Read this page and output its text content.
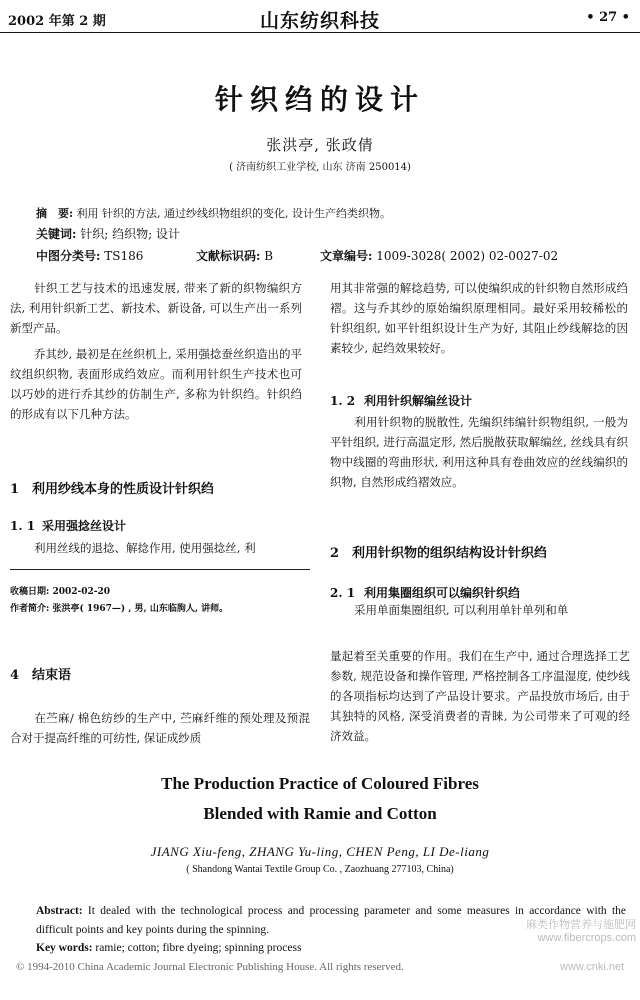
2002 年第 2 期	山东纺织科技	• 27 •
针织绉的设计
张洪亭, 张政倩
( 济南纺织工业学校, 山东 济南 250014)
摘　要: 利用 针织的方法, 通过纱线织物组织的变化, 设计生产绉类织物。
关键词: 针织; 绉织物; 设计
中图分类号: TS186	文献标识码: B	文章编号: 1009-3028( 2002) 02-0027-02
针织工艺与技术的迅速发展, 带来了新的织物编织方法, 利用针织新工艺、新技术、新设备, 可以生产出一系列新型产品。
乔其纱, 最初是在丝织机上, 采用强捻蚕丝织造出的平纹组织织物, 表面形成绉效应。而利用针织生产技术也可以巧妙的进行乔其纱的仿制生产, 多称为针织绉。针织绉的形成有以下几种方法。
1 利用纱线本身的性质设计针织绉
1. 1 采用强捻丝设计
利用丝线的退捻、解捻作用, 使用强捻丝, 利
收稿日期: 2002-02-20
作者简介: 张洪亭( 1967—) , 男, 山东临朐人, 讲师。
用其非常强的解捻趋势, 可以使编织成的针织物自然形成绉褶。这与乔其纱的原始编织原理相同。最好采用较稀松的针织组织, 如平针组织设计生产为好, 其阻止纱线解捻的因素较少, 起绉效果较好。
1. 2 利用针织解编丝设计
利用针织物的脱散性, 先编织纬编针织物组织, 一般为平针组织, 进行高温定形, 然后脱散获取解编丝, 丝线具有织物中线圈的弯曲形状, 利用这种具有卷曲效应的丝线编织的织物, 自然形成绉褶效应。
2 利用针织物的组织结构设计针织绉
2. 1 利用集圈组织可以编织针织绉
采用单面集圈组织, 可以利用单针单列和单
4 结束语
在苎麻/ 棉色纺纱的生产中, 苎麻纤维的预处理及预混合对于提高纤维的可纺性, 保证成纱质
量起着至关重要的作用。我们在生产中, 通过合理选择工艺参数, 规范设备和操作管理, 严格控制各工序温湿度, 使纱线的各项指标均达到了产品设计要求。产品投放市场后, 由于其独特的风格, 深受消费者的青睐, 为公司带来了可观的经济效益。
The Production Practice of Coloured Fibres
Blended with Ramie and Cotton
JIANG Xiu-feng, ZHANG Yu-ling, CHEN Peng, LI De-liang
( Shandong Wantai Textile Group Co. , Zaozhuang 277103, China)
Abstract: It dealed with the technological process and processing parameter and some measures in accordance with the difficult points and key points during the spinning.
Key words: ramie; cotton; fibre dyeing; spinning process
© 1994-2010 China Academic Journal Electronic Publishing House. All rights reserved.
麻类作物营养与施肥网
www.fibercrops.com
www.cnki.net
